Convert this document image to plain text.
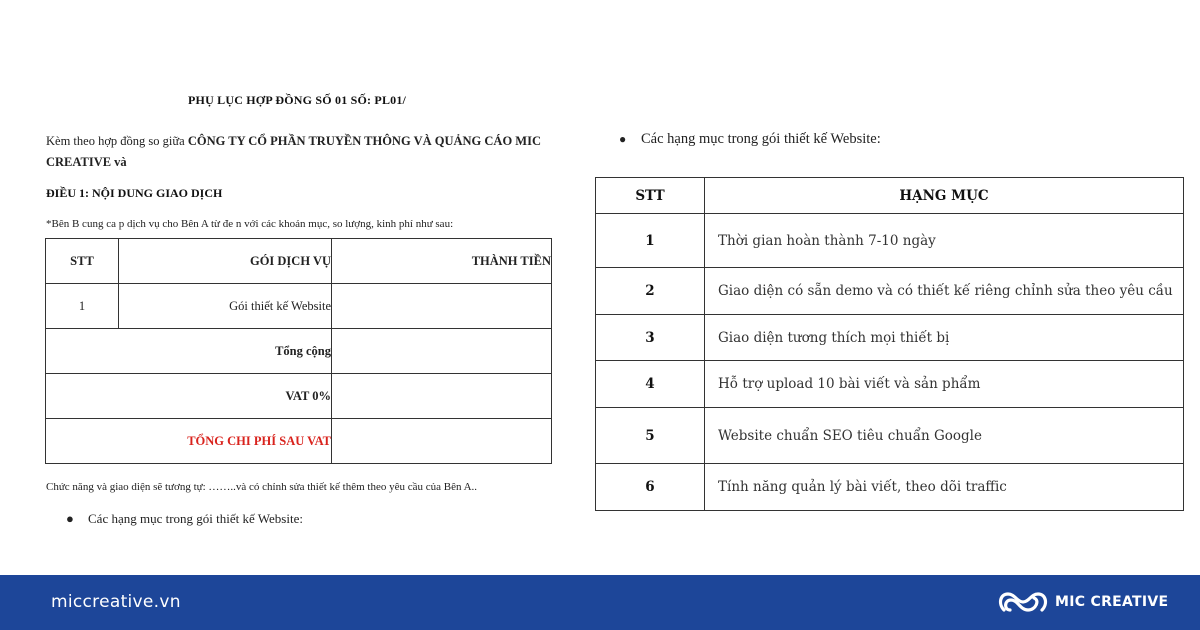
PHỤ LỤC HỢP ĐỒNG SỐ 01 SỐ: PL01/
Kèm theo hợp đồng so giữa CÔNG TY CỔ PHẦN TRUYỀN THÔNG VÀ QUẢNG CÁO MIC CREATIVE và
ĐIỀU 1: NỘI DUNG GIAO DỊCH
*Bên B cung ca p dịch vụ cho Bên A từ đe n với các khoản mục, so lượng, kinh phí như sau:
STT	GÓI DỊCH VỤ	THÀNH TIỀN
1	Gói thiết kế Website	
Tổng cộng		
VAT 0%		
TỔNG CHI PHÍ SAU VAT		
Chức năng và giao diện sẽ tương tự: ……..và có chỉnh sửa thiết kế thêm theo yêu cầu của Bên A..
● Các hạng mục trong gói thiết kế Website:
● Các hạng mục trong gói thiết kế Website:
STT	HẠNG MỤC
1	Thời gian hoàn thành 7-10 ngày
2	Giao diện có sẵn demo và có thiết kế riêng chỉnh sửa theo yêu cầu
3	Giao diện tương thích mọi thiết bị
4	Hỗ trợ upload 10 bài viết và sản phẩm
5	Website chuẩn SEO tiêu chuẩn Google
6	Tính năng quản lý bài viết, theo dõi traffic
miccreative.vn	MIC CREATIVE
